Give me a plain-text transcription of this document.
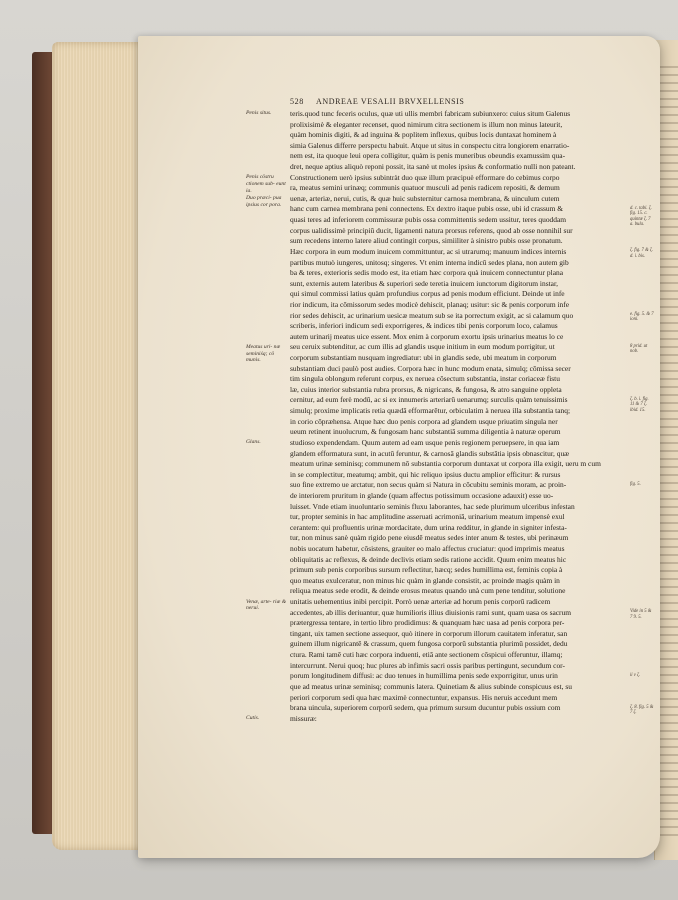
528 ANDREAE VESALII BRVXELLENSIS
Penis situs.
Penis cōstru ctionem sub- eunt ia.
Duo præci- pua ipsius cor pora.
Meatus uri- næ seminiśq; cō munis.
Glans.
Venæ, arte- riæ & nerui.
Cutis.
teris.quod tunc feceris oculus, quæ uti ullis membri fabricam subiunxero: cuius situm Galenus
prolixisimè & eleganter recenset, quod nimirum citra sectionem is illum non minus lateurit,
quàm hominis digiti, & ad inguina & poplitem inflexus, quibus locis duntaxat hominem à
simia Galenus differre perspectu habuit. Atque ut situs in conspectu citra longiorem enarratio-
nem est, ita quoque leui opera colligitur, quàm is penis muneribus obeundis examussim qua-
dret, neque aptius aliquò reponi possit, ita sanè ut moles ipsius & conformatio nulli non pateant.
Constructionem uerò ipsius subintràt duo quæ illum præcipuè efformare do cebimus corpo
ra, meatus semini urinæq; communis quatuor musculi ad penis radicem repositi, & demum
uenæ, arteriæ, nerui, cutis, & quæ huic substernitur carnosa membrana, & uinculum cutem
hanc cum carnea membrana peni connectens. Ex dextro itaque pubis osse, ubi id crassum &
quasi teres ad inferiorem commissuræ pubis ossa committentis sedem ussitur, teres quoddam
corpus ualidissimè principiū ducit, ligamenti natura prorsus referens, quod ab osse nonnihil sur
sum recedens interno latere aliud contingit corpus, simiiliter à sinistro pubis osse pronatum.
Hæc corpora in eum modum inuicem committuntur, ac si utrarumq; manuum indices internis
partibus mutuò iungeres, unitosq; singeres. Vt enim interna indicū sedes plana, non autem gib
ba & teres, exterioris sedis modo est, ita etiam hæc corpora quà inuicem connectuntur plana
sunt, externis autem lateribus & superiori sede teretia inuicem iunctorum digitorum instar,
qui simul commissi latius quàm profundius corpus ad penis modum efficiunt. Deinde ut infe
rior indicum, ita cōmissorum sedes modicè dehiscit, planaq; usitur: sic & penis corporum infe
rior sedes dehiscit, ac urinarium uesicæ meatum sub se ita porrectum exigit, ac si calamum quo
scriberis, inferiori indicum sedi exporrigeres, & indices tibi penis corporum loco, calamus
autem urinarij meatus uice essent. Mox enim à corporum exortu ipsis urinarius meatus lo ce
seu ceruix subtenditur, ac cum illis ad glandis usque initium in eum modum porrigitur, ut
corporum substantiam nusquam ingrediatur: ubi in glandis sede, ubi meatum in corporum
substantiam duci paulò post audies. Corpora hæc in hunc modum enata, simulq; cōmissa secer
tim singula oblongum referunt corpus, ex neruea cōsectum substantia, instar coriaceæ fistu
læ, cuius interior substantia rubra prorsus, & nigricans, & fungosa, & atro sanguine oppleta
cernitur, ad eum ferè modū, ac si ex innumeris arteriarū uenarumq; surculis quàm tenuissimis
simulq; proxime implicatis retia quædā efformarētur, orbiculatim à neruea illa substantia tanq;
in corio cōpræhensa. Atque hæc duo penis corpora ad glandem usque priuatim singula ner
ueum retinent inuolucrum, & fungosam hanc substantiā summa diligentia à naturæ operum
studioso expendendam. Quum autem ad eam usque penis regionem peruepsere, in qua iam
glandem efformatura sunt, in acutū feruntur, & carnosā glandis substātia ipsis obnascitur, quæ
meatum urinæ seminisq; communem nō substantia corporum duntaxat ut corpora illa exigit, ueru m cum
in se complectitur, meatumq; ambit, qui hic reliquo ipsius ductu amplior efficitur: & rursus
suo fine extremo ue arctatur, non secus quàm si Natura in cōcubitu seminis moram, ac proin-
de interiorem pruritum in glande (quam affectus potissimum occasione adauxit) esse uo-
luisset. Vnde etiam inuoluntario seminis fluxu laborantes, hac sede plurimum ulceribus infestan
tur, propter seminis in hac amplitudine asseruati acrimoniā, urinarium meatum impensè exul
cerantem: qui profluentis urinæ mordacitate, dum urina redditur, in glande in signiter infesta-
tur, non minus sanè quàm rigido pene eiusdē meatus sedes inter anum & testes, ubi perinæum
nobis uocatum habetur, cōsistens, grauiter eo malo affectus cruciatur: quod imprimis meatus
obliquitatis ac reflexus, & deinde declivis etiam sedis ratione accidit. Quum enim meatus hic
primum sub penis corporibus sursum reflectitur, hæcq; sedes humillima est, feminis copia à
quo meatus exulceratur, non minus hic quàm in glande consistit, ac proinde magis quàm in
reliqua meatus sede erodit, & deinde erosus meatus quando unà cum pene tenditur, solutione
unitatis uehementius inibi percipit. Porrò uenæ arteriæ ad horum penis corporū radicem
accedentes, ab illis deriuantur, quæ humilioris illius diuisionis rami sunt, quam uasa os sacrum
prætergressa tentare, in tertio libro prodidimus: & quanquam hæc uasa ad penis corpora per-
tingant, uix tamen sectione assequor, quò itinere in corporum illorum cauitatem inferatur, san
guinem illum nigricantē & crassum, quem fungosa corporū substantia plurimū possidet, dedu
ctura. Rami tamē cuti hæc corpora induenti, etiā ante sectionem cōspicui offeruntur, illamq;
intercurrunt. Nerui quoq; huc plures ab infimis sacri ossis paribus pertingunt, secundum cor-
porum longitudinem diffusi: ac duo tenues in humillima penis sede exporrigitur, unus urin
que ad meatus urinæ seminisq; communis latera. Quinetiam & alius subinde conspicuus est, su
periori corporum sedi qua hæc maximè connectuntur, expansus. His neruis accedunt mem
brana uincula, superiorem corporū sedem, qua primum sursum ducuntur pubis ossium com
missuræ:
d. c. tabi. ζ. fig. 15. c. quintæ ζ. 7 a. bula.
ζ. fig. 7 & ζ. d. i. bis.
e. fig. 5. & 7 ioni.
8 prid. ut nob.
ζ. b. i. fig. 11 & 7 ζ. ibid. 15.
fig. 5.
Vide in 5 & 7 9. 5.
ii v ζ.
ζ. 8. fig. 5 & 7 ζ.
